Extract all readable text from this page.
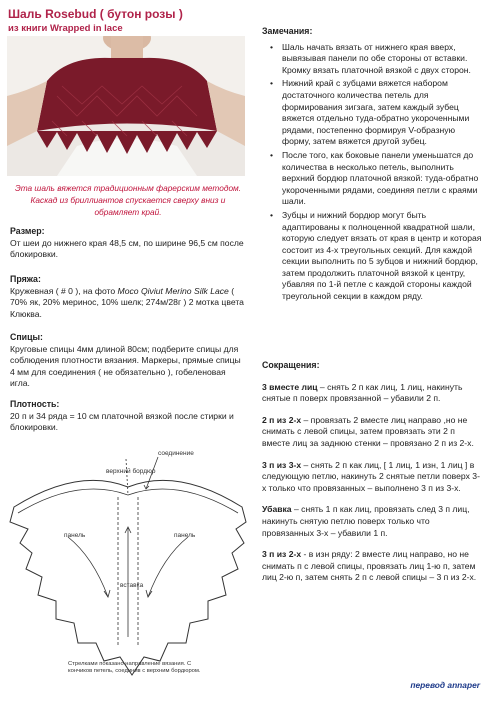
Шаль Rosebud ( бутон розы )
из книги Wrapped in lace
Эта шаль вяжется традиционным фарерским методом. Каскад из бриллиантов спускается сверху вниз и обрамляет край.
Размер:
От шеи до нижнего края 48,5 см, по ширине 96,5 см после блокировки.
Пряжа:
Кружевная ( # 0 ), на фото Moco Qiviut Merino Silk Lace ( 70% як, 20% меринос, 10% шелк; 274м/28г ) 2 мотка цвета Клюква.
Спицы:
Круговые спицы 4мм длиной 80см; подберите спицы для соблюдения плотности вязания. Маркеры, прямые спицы 4 мм для соединения ( не обязательно ), гобеленовая игла.
Плотность:
20 п и 34 ряда = 10 см платочной вязкой после стирки и блокировки.
соединение
верхний бордюр
панель	панель
вставка
Стрелками показано направление вязания. С кончиков петель, соединив с верхним бордюром.
Замечания:
• Шаль начать вязать от нижнего края вверх, вывязывая панели по обе стороны от вставки. Кромку вязать платочной вязкой с двух сторон.
• Нижний край с зубцами вяжется набором достаточного количества петель для формирования зигзага, затем каждый зубец вяжется отдельно туда-обратно укороченными рядами, постепенно формируя V-образную форму, затем вяжется другой зубец.
• После того, как боковые панели уменьшатся до количества в несколько петель, выполнить верхний бордюр платочной вязкой: туда-обратно укороченными рядами, соединяя петли с краями шали.
• Зубцы и нижний бордюр могут быть адаптированы к полноценной квадратной шали, которую следует вязать от края в центр и которая состоит из 4-х треугольных секций. Для каждой секции выполнить по 5 зубцов и нижний бордюр, затем продолжить платочной вязкой к центру, убавляя по 1-й петле с каждой стороны каждой треугольной секции в каждом ряду.
Сокращения:
3 вместе лиц – снять 2 п как лиц, 1 лиц, накинуть снятые п поверх провязанной – убавили 2 п.
2 п из 2-х – провязать 2 вместе лиц направо ,но не снимать с левой спицы, затем провязать эти 2 п вместе лиц за заднюю стенки – провязано 2 п из 2-х.
3 п из 3-х – снять 2 п как лиц, [ 1 лиц, 1 изн, 1 лиц ] в следующую петлю, накинуть 2 снятые петли поверх 3-х только что провязанных – выполнено 3 п из 3-х.
Убавка – снять 1 п как лиц, провязать след 3 п лиц, накинуть снятую петлю поверх только что провязанных 3-х – убавили 1 п.
3 п из 2-х - в изн ряду: 2 вместе лиц направо, но не снимать п с левой спицы, провязать лиц 1-ю п, затем лиц 2-ю п, затем снять 2 п с левой спицы – 3 п из 2-х.
перевод annaper
